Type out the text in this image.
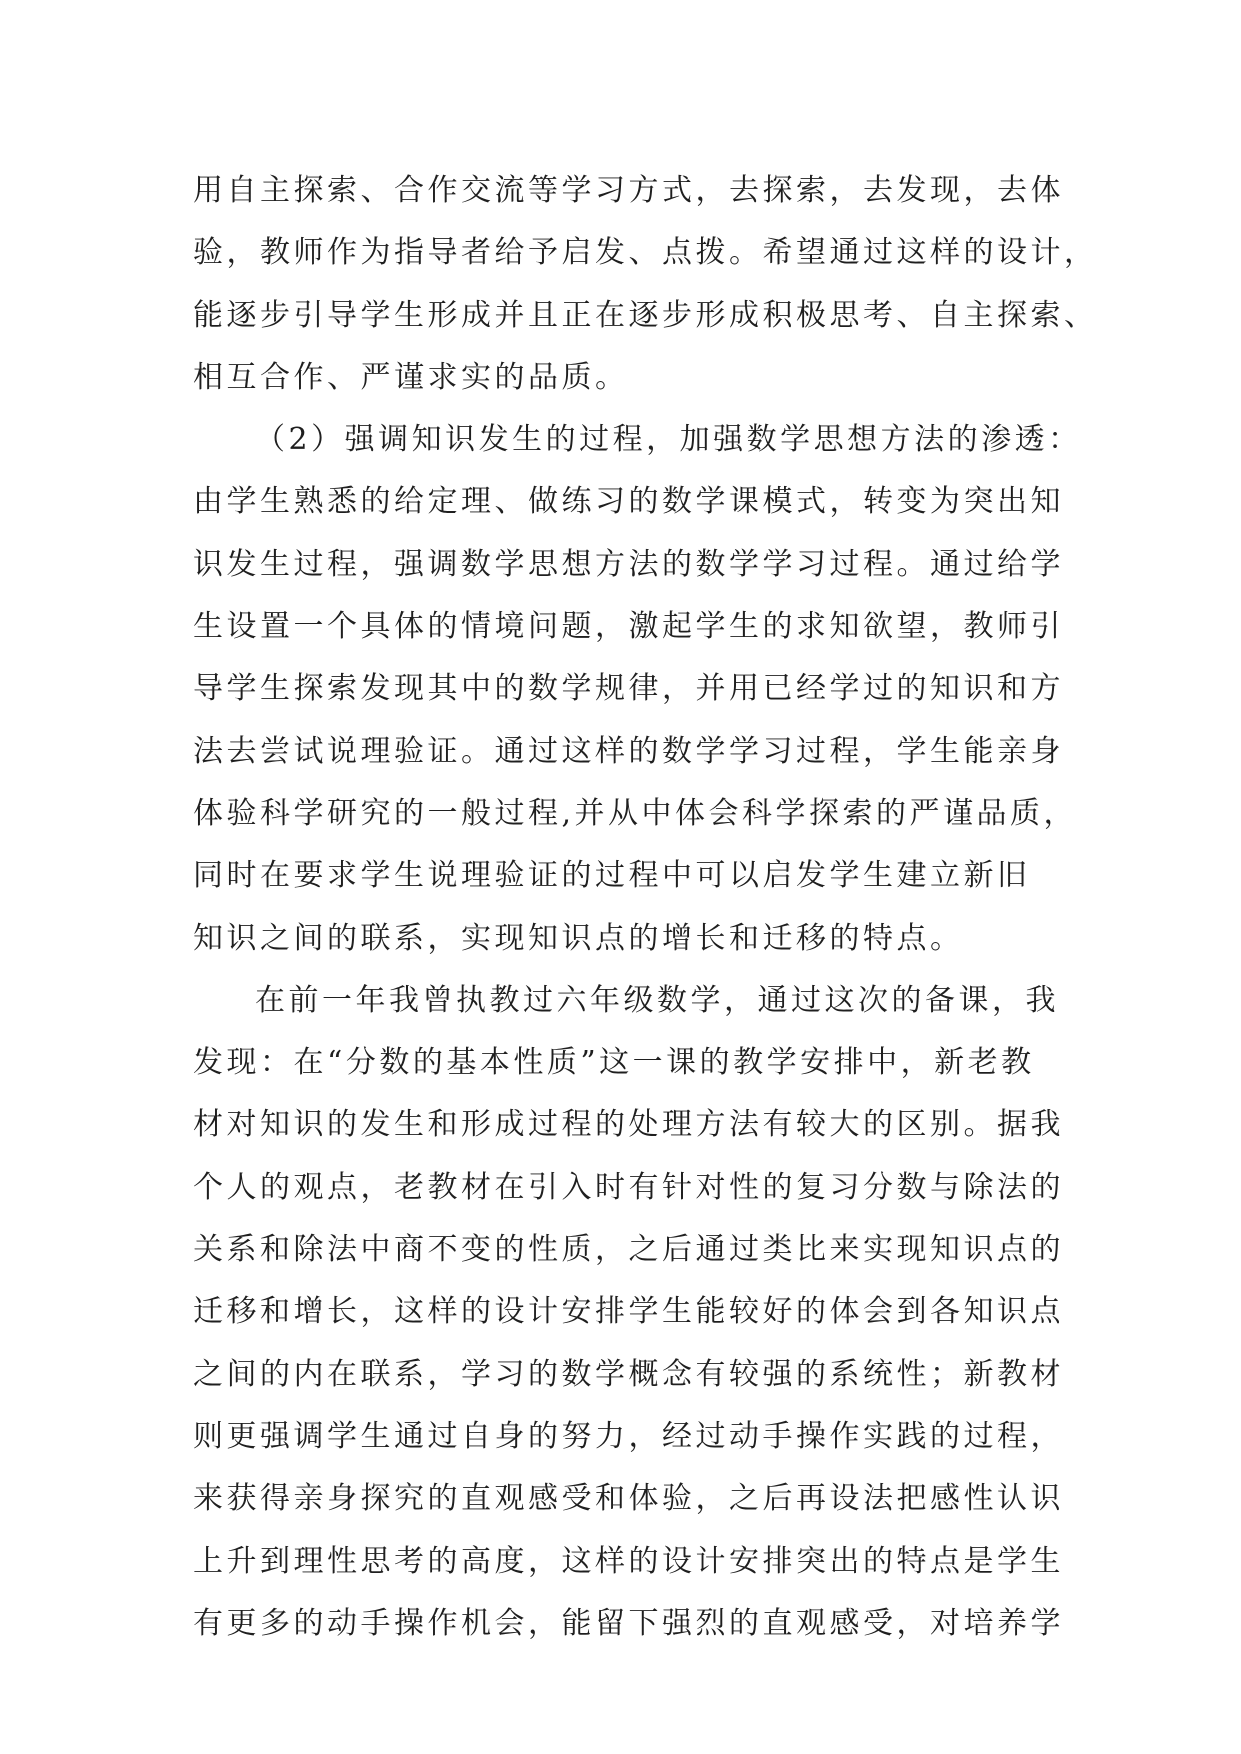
用自主探索、合作交流等学习方式，去探索，去发现，去体
验，教师作为指导者给予启发、点拨。希望通过这样的设计，
能逐步引导学生形成并且正在逐步形成积极思考、自主探索、
相互合作、严谨求实的品质。
（2）强调知识发生的过程，加强数学思想方法的渗透：
由学生熟悉的给定理、做练习的数学课模式，转变为突出知
识发生过程，强调数学思想方法的数学学习过程。通过给学
生设置一个具体的情境问题，激起学生的求知欲望，教师引
导学生探索发现其中的数学规律，并用已经学过的知识和方
法去尝试说理验证。通过这样的数学学习过程，学生能亲身
体验科学研究的一般过程,并从中体会科学探索的严谨品质，
同时在要求学生说理验证的过程中可以启发学生建立新旧
知识之间的联系，实现知识点的增长和迁移的特点。
在前一年我曾执教过六年级数学，通过这次的备课，我
发现：在“分数的基本性质”这一课的教学安排中，新老教
材对知识的发生和形成过程的处理方法有较大的区别。据我
个人的观点，老教材在引入时有针对性的复习分数与除法的
关系和除法中商不变的性质，之后通过类比来实现知识点的
迁移和增长，这样的设计安排学生能较好的体会到各知识点
之间的内在联系，学习的数学概念有较强的系统性；新教材
则更强调学生通过自身的努力，经过动手操作实践的过程，
来获得亲身探究的直观感受和体验，之后再设法把感性认识
上升到理性思考的高度，这样的设计安排突出的特点是学生
有更多的动手操作机会，能留下强烈的直观感受，对培养学
